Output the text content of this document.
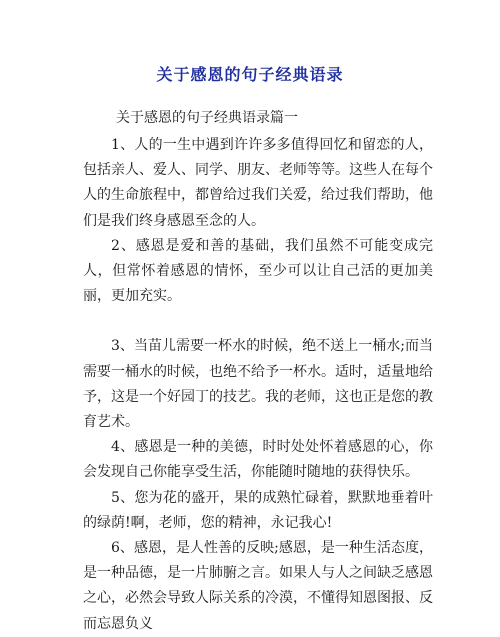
关于感恩的句子经典语录
关于感恩的句子经典语录篇一

1、人的一生中遇到许许多多值得回忆和留恋的人，包括亲人、爱人、同学、朋友、老师等等。这些人在每个人的生命旅程中，都曾给过我们关爱，给过我们帮助，他们是我们终身感恩至念的人。

2、感恩是爱和善的基础，我们虽然不可能变成完人，但常怀着感恩的情怀，至少可以让自己活的更加美丽，更加充实。

3、当苗儿需要一杯水的时候，绝不送上一桶水;而当需要一桶水的时候，也绝不给予一杯水。适时，适量地给予，这是一个好园丁的技艺。我的老师，这也正是您的教育艺术。

4、感恩是一种的美德，时时处处怀着感恩的心，你会发现自己你能享受生活，你能随时随地的获得快乐。

5、您为花的盛开，果的成熟忙碌着，默默地垂着叶的绿荫!啊，老师，您的精神，永记我心!

6、感恩，是人性善的反映;感恩，是一种生活态度，是一种品德，是一片肺腑之言。如果人与人之间缺乏感恩之心，必然会导致人际关系的冷漠，不懂得知恩图报、反而忘恩负义
